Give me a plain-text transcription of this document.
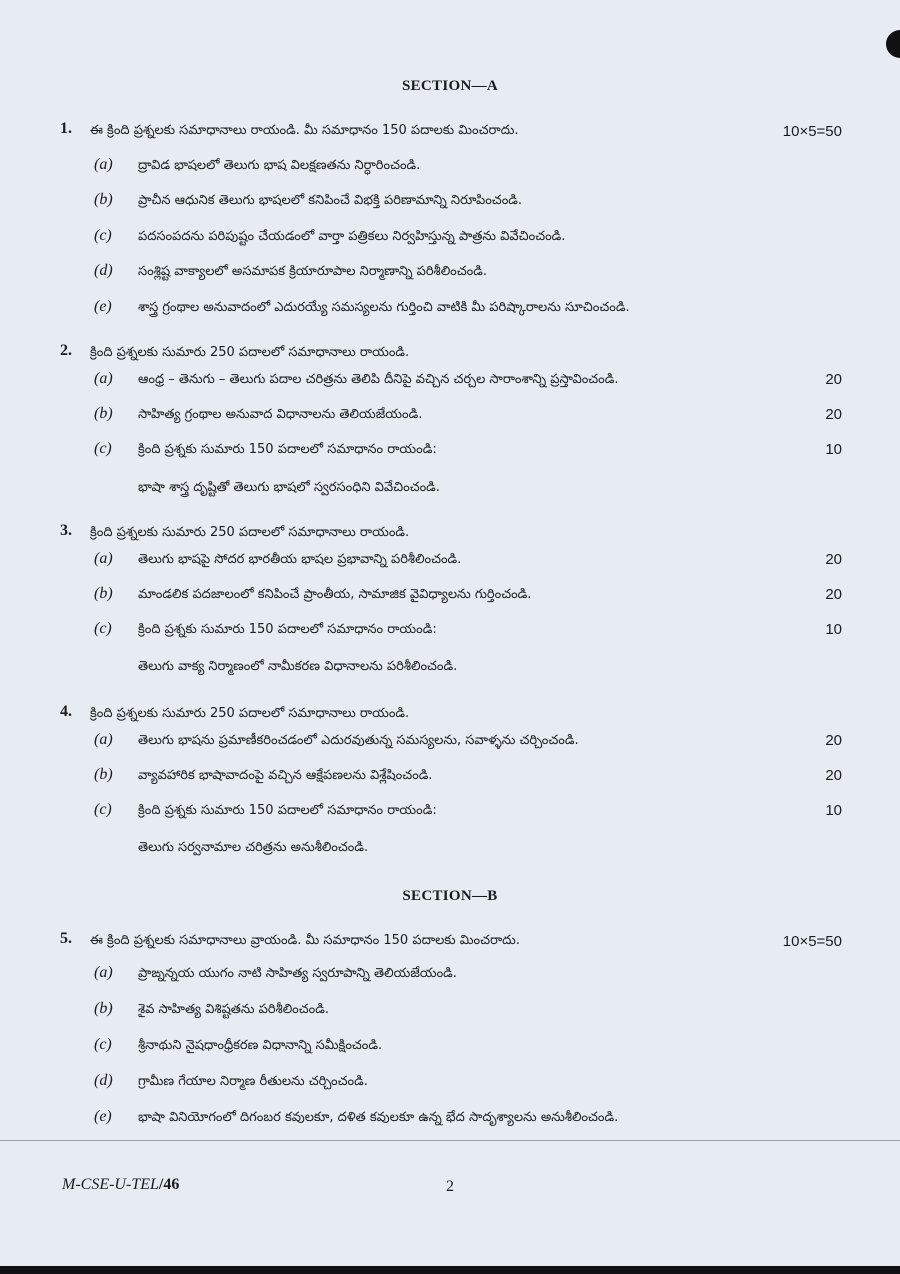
SECTION—A
1. ఈ క్రింది ప్రశ్నలకు సమాధానాలు రాయండి. మీ సమాధానం 150 పదాలకు మించరాదు.	10×5=50
(a) ద్రావిడ భాషలలో తెలుగు భాష విలక్షణతను నిర్ధారించండి.
(b) ప్రాచీన ఆధునిక తెలుగు భాషలలో కనిపించే విభక్తి పరిణామాన్ని నిరూపించండి.
(c) పదసంపదను పరిపుష్టం చేయడంలో వార్తా పత్రికలు నిర్వహిస్తున్న పాత్రను వివేచించండి.
(d) సంశ్లిష్ట వాక్యాలలో అసమాపక క్రియారూపాల నిర్మాణాన్ని పరిశీలించండి.
(e) శాస్త్ర గ్రంథాల అనువాదంలో ఎదురయ్యే సమస్యలను గుర్తించి వాటికి మీ పరిష్కారాలను సూచించండి.
2. క్రింది ప్రశ్నలకు సుమారు 250 పదాలలో సమాధానాలు రాయండి.
(a) ఆంధ్ర – తెనుగు – తెలుగు పదాల చరిత్రను తెలిపి దీనిపై వచ్చిన చర్చల సారాంశాన్ని ప్రస్తావించండి.	20
(b) సాహిత్య గ్రంథాల అనువాద విధానాలను తెలియజేయండి.	20
(c) క్రింది ప్రశ్నకు సుమారు 150 పదాలలో సమాధానం రాయండి:	10
భాషా శాస్త్ర దృష్టితో తెలుగు భాషలో స్వరసంధిని వివేచించండి.
3. క్రింది ప్రశ్నలకు సుమారు 250 పదాలలో సమాధానాలు రాయండి.
(a) తెలుగు భాషపై సోదర భారతీయ భాషల ప్రభావాన్ని పరిశీలించండి.	20
(b) మాండలిక పదజాలంలో కనిపించే ప్రాంతీయ, సామాజిక వైవిధ్యాలను గుర్తించండి.	20
(c) క్రింది ప్రశ్నకు సుమారు 150 పదాలలో సమాధానం రాయండి:	10
తెలుగు వాక్య నిర్మాణంలో నామీకరణ విధానాలను పరిశీలించండి.
4. క్రింది ప్రశ్నలకు సుమారు 250 పదాలలో సమాధానాలు రాయండి.
(a) తెలుగు భాషను ప్రమాణీకరించడంలో ఎదురవుతున్న సమస్యలను, సవాళ్ళను చర్చించండి.	20
(b) వ్యావహారిక భాషావాదంపై వచ్చిన ఆక్షేపణలను విశ్లేషించండి.	20
(c) క్రింది ప్రశ్నకు సుమారు 150 పదాలలో సమాధానం రాయండి:	10
తెలుగు సర్వనామాల చరిత్రను అనుశీలించండి.
SECTION—B
5. ఈ క్రింది ప్రశ్నలకు సమాధానాలు వ్రాయండి. మీ సమాధానం 150 పదాలకు మించరాదు.	10×5=50
(a) ప్రాఙ్నన్నయ యుగం నాటి సాహిత్య స్వరూపాన్ని తెలియజేయండి.
(b) శైవ సాహిత్య విశిష్టతను పరిశీలించండి.
(c) శ్రీనాథుని నైషధాంధ్రీకరణ విధానాన్ని సమీక్షించండి.
(d) గ్రామీణ గేయాల నిర్మాణ రీతులను చర్చించండి.
(e) భాషా వినియోగంలో దిగంబర కవులకూ, దళిత కవులకూ ఉన్న భేద సాదృశ్యాలను అనుశీలించండి.
M-CSE-U-TEL/46	2
